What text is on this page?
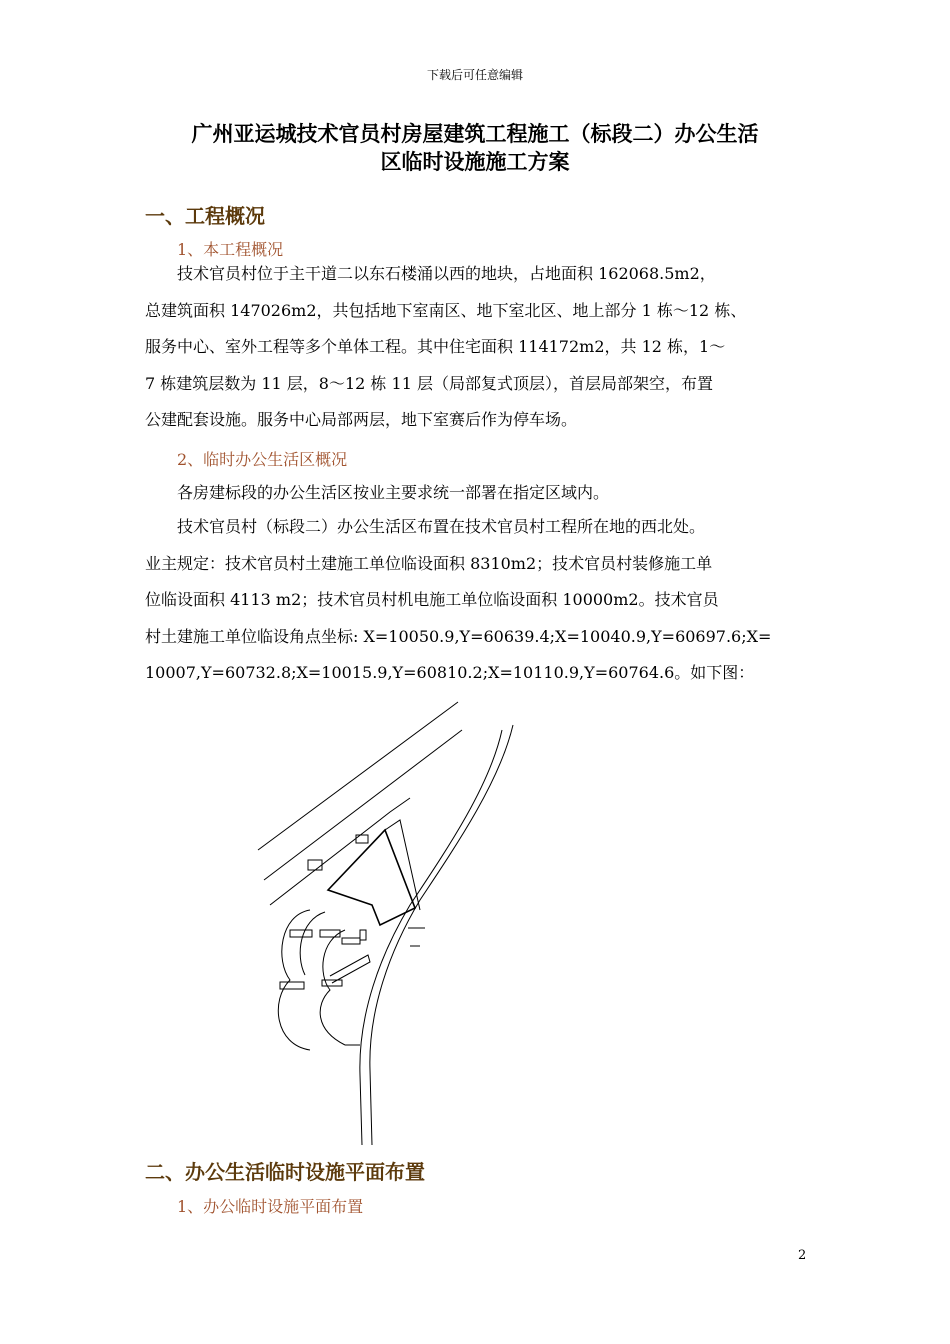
下载后可任意编辑
广州亚运城技术官员村房屋建筑工程施工（标段二）办公生活
区临时设施施工方案
一、工程概况
1、本工程概况
技术官员村位于主干道二以东石楼涌以西的地块，占地面积 162068.5m2，
总建筑面积 147026m2，共包括地下室南区、地下室北区、地上部分 1 栋～12 栋、
服务中心、室外工程等多个单体工程。其中住宅面积 114172m2，共 12 栋，1～
7 栋建筑层数为 11 层，8～12 栋 11 层（局部复式顶层），首层局部架空，布置
公建配套设施。服务中心局部两层，地下室赛后作为停车场。
2、临时办公生活区概况
各房建标段的办公生活区按业主要求统一部署在指定区域内。
技术官员村（标段二）办公生活区布置在技术官员村工程所在地的西北处。
业主规定：技术官员村土建施工单位临设面积 8310m2；技术官员村装修施工单
位临设面积 4113 m2；技术官员村机电施工单位临设面积 10000m2。技术官员
村土建施工单位临设角点坐标: X=10050.9,Y=60639.4;X=10040.9,Y=60697.6;X=
10007,Y=60732.8;X=10015.9,Y=60810.2;X=10110.9,Y=60764.6。如下图：
二、办公生活临时设施平面布置
1、办公临时设施平面布置
2
